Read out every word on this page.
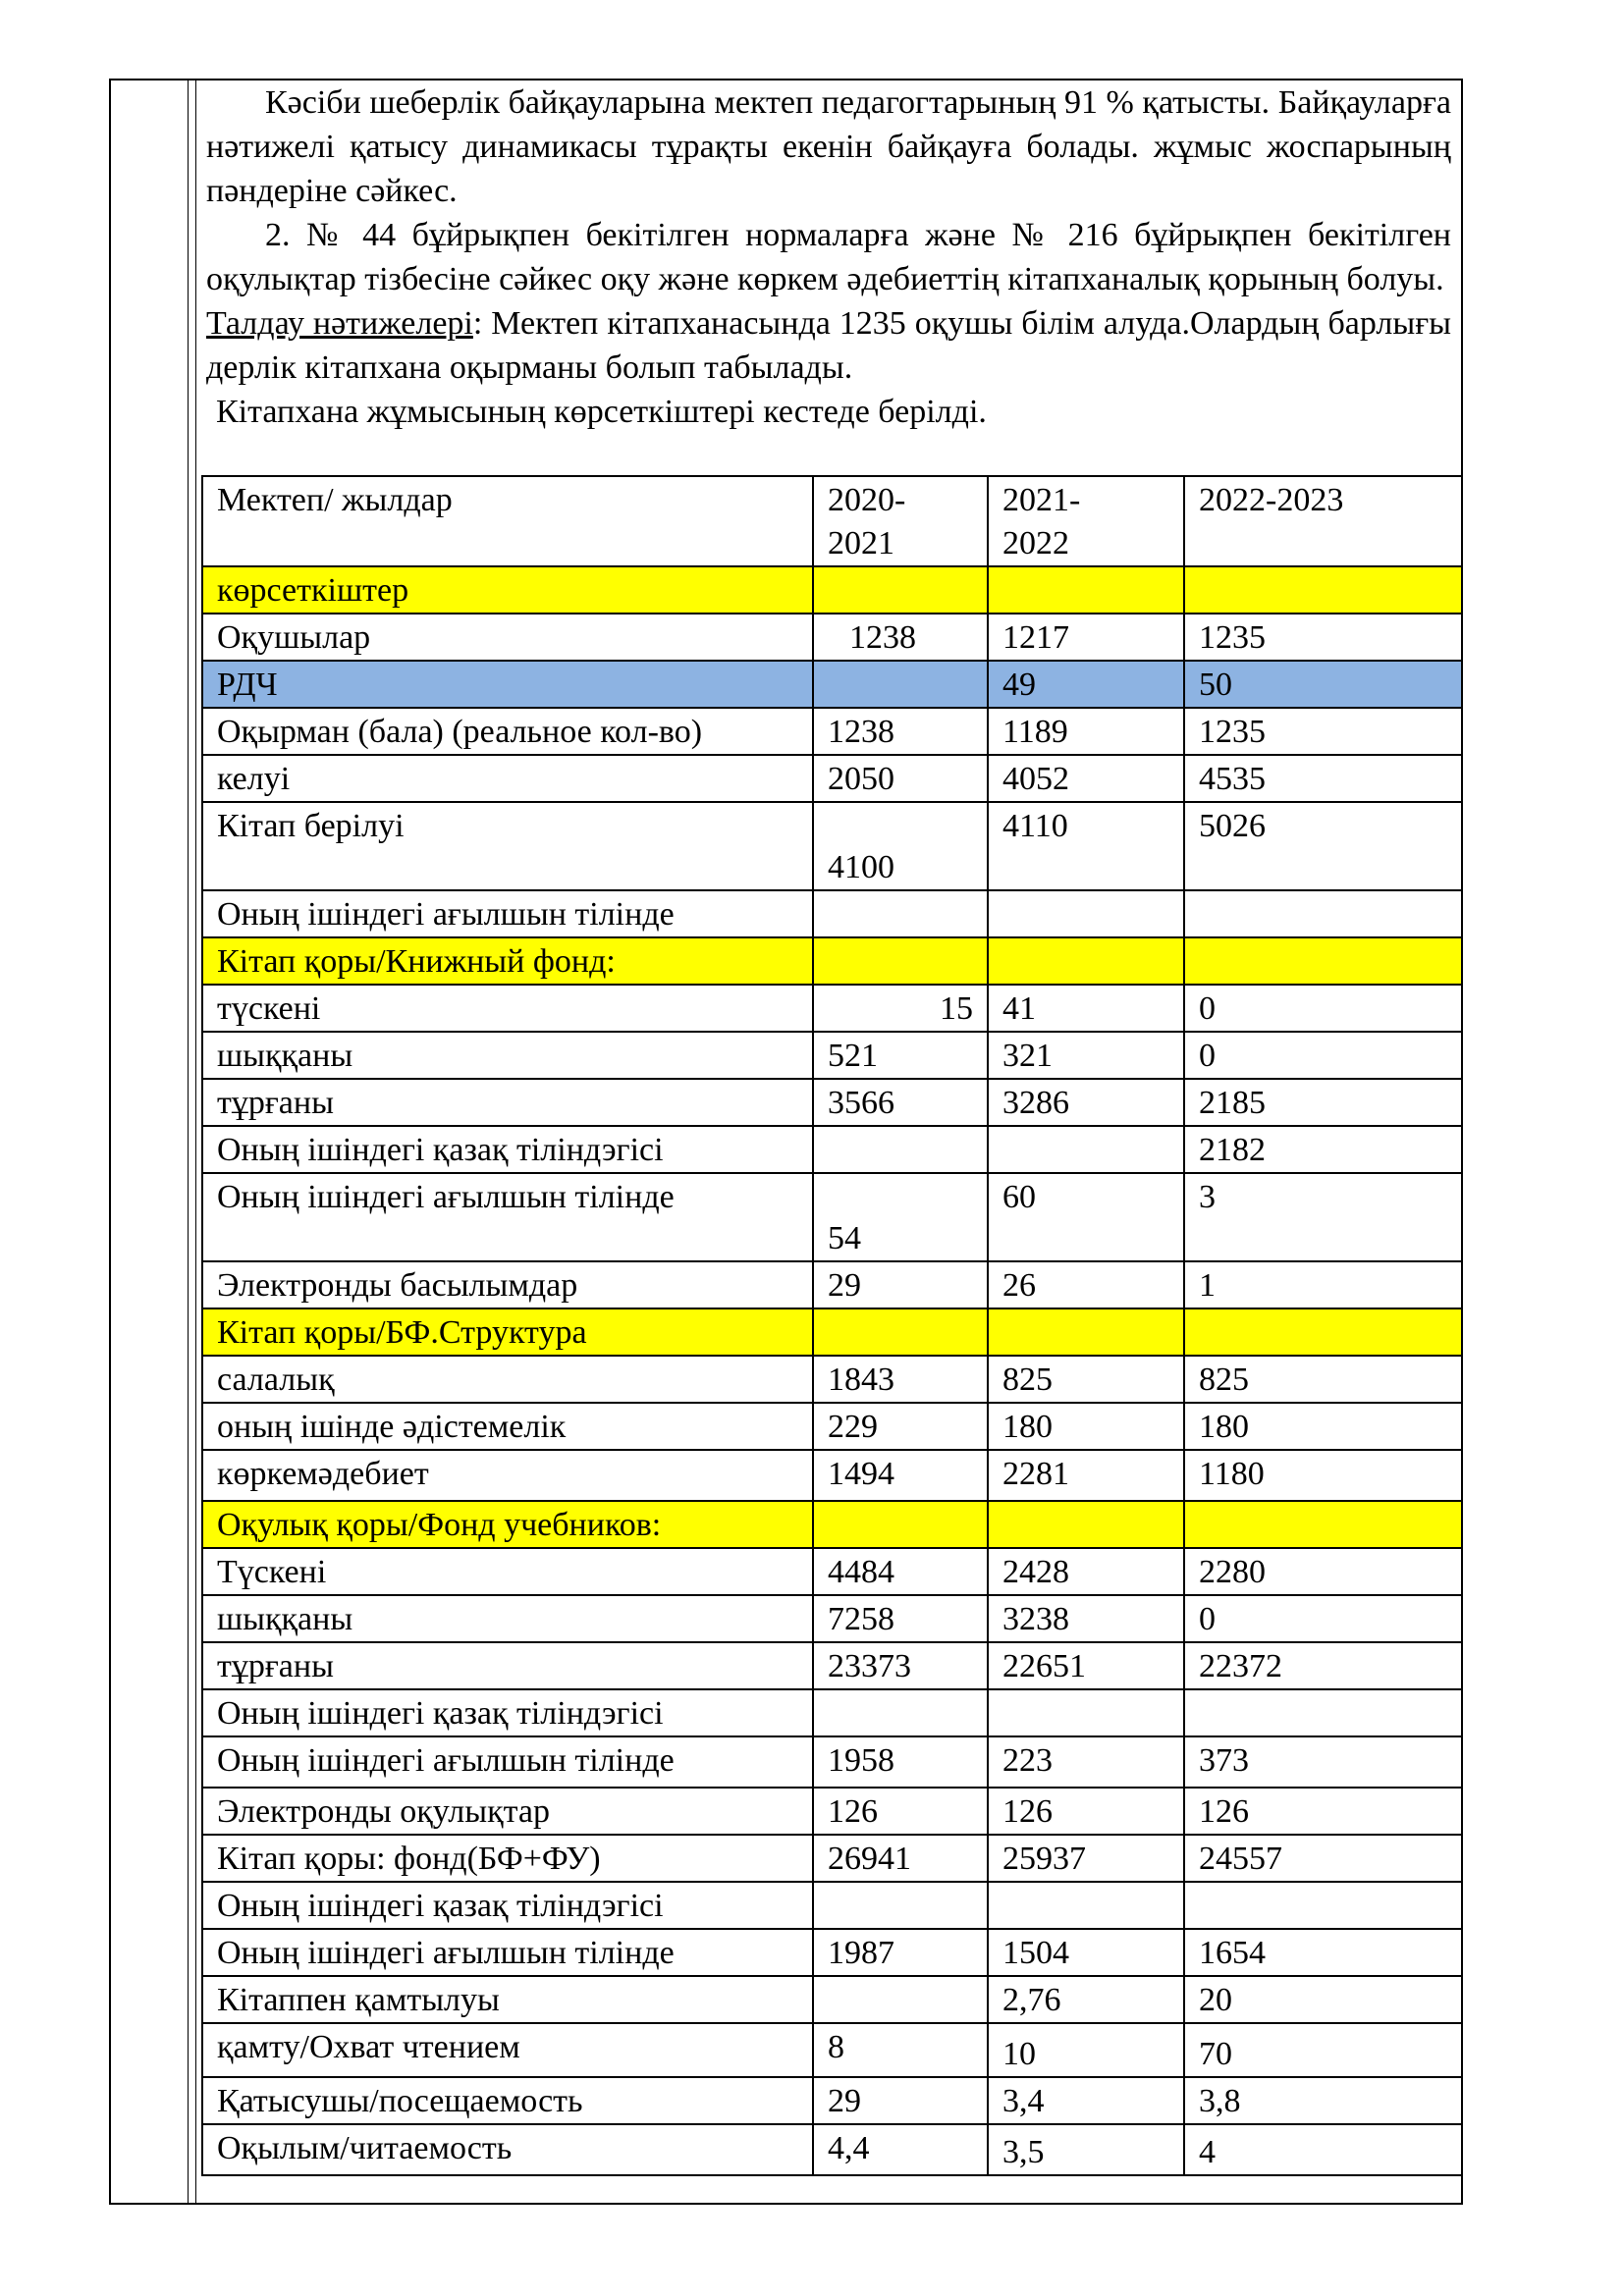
Кәсіби шеберлік байқауларына мектеп педагогтарының 91 % қатысты. Байқауларға нәтижелі қатысу динамикасы тұрақты екенін байқауға болады. жұмыс жоспарының пәндеріне сәйкес.

2. № 44 бұйрықпен бекітілген нормаларға және № 216 бұйрықпен бекітілген оқулықтар тізбесіне сәйкес оқу және көркем әдебиеттің кітапханалық қорының болуы.

Талдау нәтижелері: Мектеп кітапханасында 1235 оқушы білім алуда.Олардың барлығы дерлік кітапхана оқырманы болып табылады.

Кітапхана жұмысының көрсеткіштері кестеде берілді.

Мектеп/ жылдар	2020-2021	2021-2022	2022-2023
көрсеткіштер			
Оқушылар	1238	1217	1235
РДЧ		49	50
Оқырман (бала) (реальное кол-во)	1238	1189	1235
келуі	2050	4052	4535
Кітап берілуі	4100	4110	5026
Оның ішіндегі ағылшын тілінде			
Кітап қоры/Книжный фонд:			
түскені	15	41	0
шыққаны	521	321	0
тұрғаны	3566	3286	2185
Оның ішіндегі қазақ тіліндэгісі			2182
Оның ішіндегі ағылшын тілінде	54	60	3
Электронды басылымдар	29	26	1
Кітап қоры/БФ.Структура			
салалық	1843	825	825
оның ішінде әдістемелік	229	180	180
көркемәдебиет	1494	2281	1180
Оқулық қоры/Фонд учебников:			
Түскені	4484	2428	2280
шыққаны	7258	3238	0
тұрғаны	23373	22651	22372
Оның ішіндегі қазақ тіліндэгісі			
Оның ішіндегі ағылшын тілінде	1958	223	373
Электронды оқулықтар	126	126	126
Кітап қоры: фонд(БФ+ФУ)	26941	25937	24557
Оның ішіндегі қазақ тіліндэгісі			
Оның ішіндегі ағылшын тілінде	1987	1504	1654
Кітаппен қамтылуы		2,76	20
қамту/Охват чтением	8	10	70
Қатысушы/посещаемость	29	3,4	3,8
Оқылым/читаемость	4,4	3,5	4
